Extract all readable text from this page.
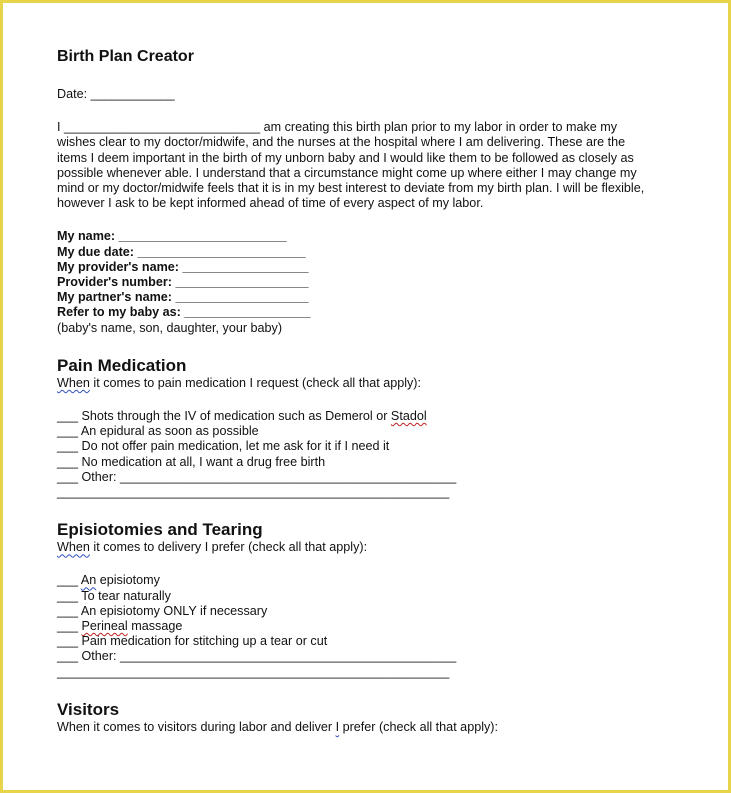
Birth Plan Creator
Date: ____________
I ____________________________ am creating this birth plan prior to my labor in order to make my
wishes clear to my doctor/midwife, and the nurses at the hospital where I am delivering. These are the
items I deem important in the birth of my unborn baby and I would like them to be followed as closely as
possible whenever able. I understand that a circumstance might come up where either I may change my
mind or my doctor/midwife feels that it is in my best interest to deviate from my birth plan. I will be flexible,
however I ask to be kept informed ahead of time of every aspect of my labor.
My name: ________________________
My due date: ________________________
My provider's name: __________________
Provider's number: ___________________
My partner's name: ___________________
Refer to my baby as: __________________
(baby's name, son, daughter, your baby)
Pain Medication
When it comes to pain medication I request (check all that apply):
___ Shots through the IV of medication such as Demerol or Stadol
___ An epidural as soon as possible
___ Do not offer pain medication, let me ask for it if I need it
___ No medication at all, I want a drug free birth
___ Other: ________________________________________________
________________________________________________________
Episiotomies and Tearing
When it comes to delivery I prefer (check all that apply):
___ An episiotomy
___ To tear naturally
___ An episiotomy ONLY if necessary
___ Perineal massage
___ Pain medication for stitching up a tear or cut
___ Other: ________________________________________________
________________________________________________________
Visitors
When it comes to visitors during labor and deliver I prefer (check all that apply):
